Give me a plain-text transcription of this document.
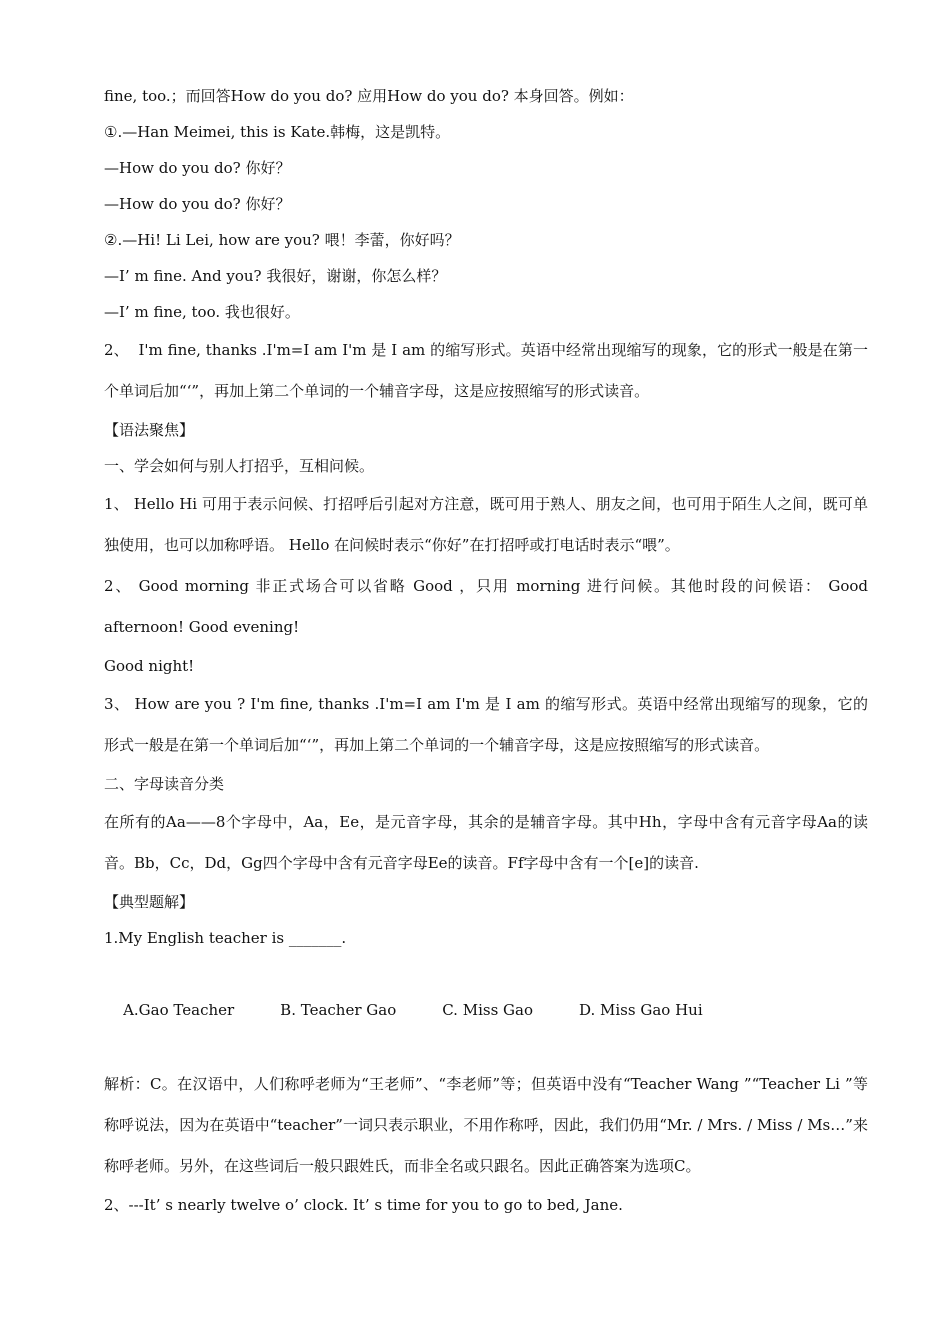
fine, too.；而回答How do you do? 应用How do you do? 本身回答。例如：

①.—Han Meimei, this is Kate.韩梅，这是凯特。

—How do you do? 你好？

—How do you do? 你好？

②.—Hi! Li Lei, how are you? 喂！李蕾，你好吗？

—I’ m fine. And you? 我很好，谢谢，你怎么样？

—I’ m fine, too. 我也很好。

2、  I'm fine, thanks .I'm=I am I'm 是 I am 的缩写形式。英语中经常出现缩写的现象，它的形式一般是在第一个单词后加“‘”，再加上第二个单词的一个辅音字母，这是应按照缩写的形式读音。

【语法聚焦】

一、学会如何与别人打招乎，互相问候。

1、 Hello Hi 可用于表示问候、打招呼后引起对方注意，既可用于熟人、朋友之间，也可用于陌生人之间，既可单独使用，也可以加称呼语。 Hello 在问候时表示“你好”在打招呼或打电话时表示“喂”。

2、 Good morning 非正式场合可以省略 Good ，只用 morning 进行问候。其他时段的问候语： Good afternoon! Good evening!

Good night!

3、 How are you ? I'm fine, thanks .I'm=I am I'm 是 I am 的缩写形式。英语中经常出现缩写的现象，它的形式一般是在第一个单词后加“‘”，再加上第二个单词的一个辅音字母，这是应按照缩写的形式读音。

二、字母读音分类

在所有的Aa——8个字母中，Aa，Ee，是元音字母，其余的是辅音字母。其中Hh，字母中含有元音字母Aa的读音。Bb，Cc，Dd，Gg四个字母中含有元音字母Ee的读音。Ff字母中含有一个[e]的读音.

【典型题解】

1.My English teacher is _______.

A.Gao Teacher	B. Teacher Gao	C. Miss Gao	D. Miss Gao Hui

解析：C。在汉语中，人们称呼老师为“王老师”、“李老师”等；但英语中没有“Teacher Wang ”“Teacher Li ”等称呼说法，因为在英语中“teacher”一词只表示职业，不用作称呼，因此，我们仍用“Mr. / Mrs. / Miss / Ms…”来称呼老师。另外，在这些词后一般只跟姓氏，而非全名或只跟名。因此正确答案为选项C。

2、---It’ s nearly twelve o’ clock. It’ s time for you to go to bed, Jane.
